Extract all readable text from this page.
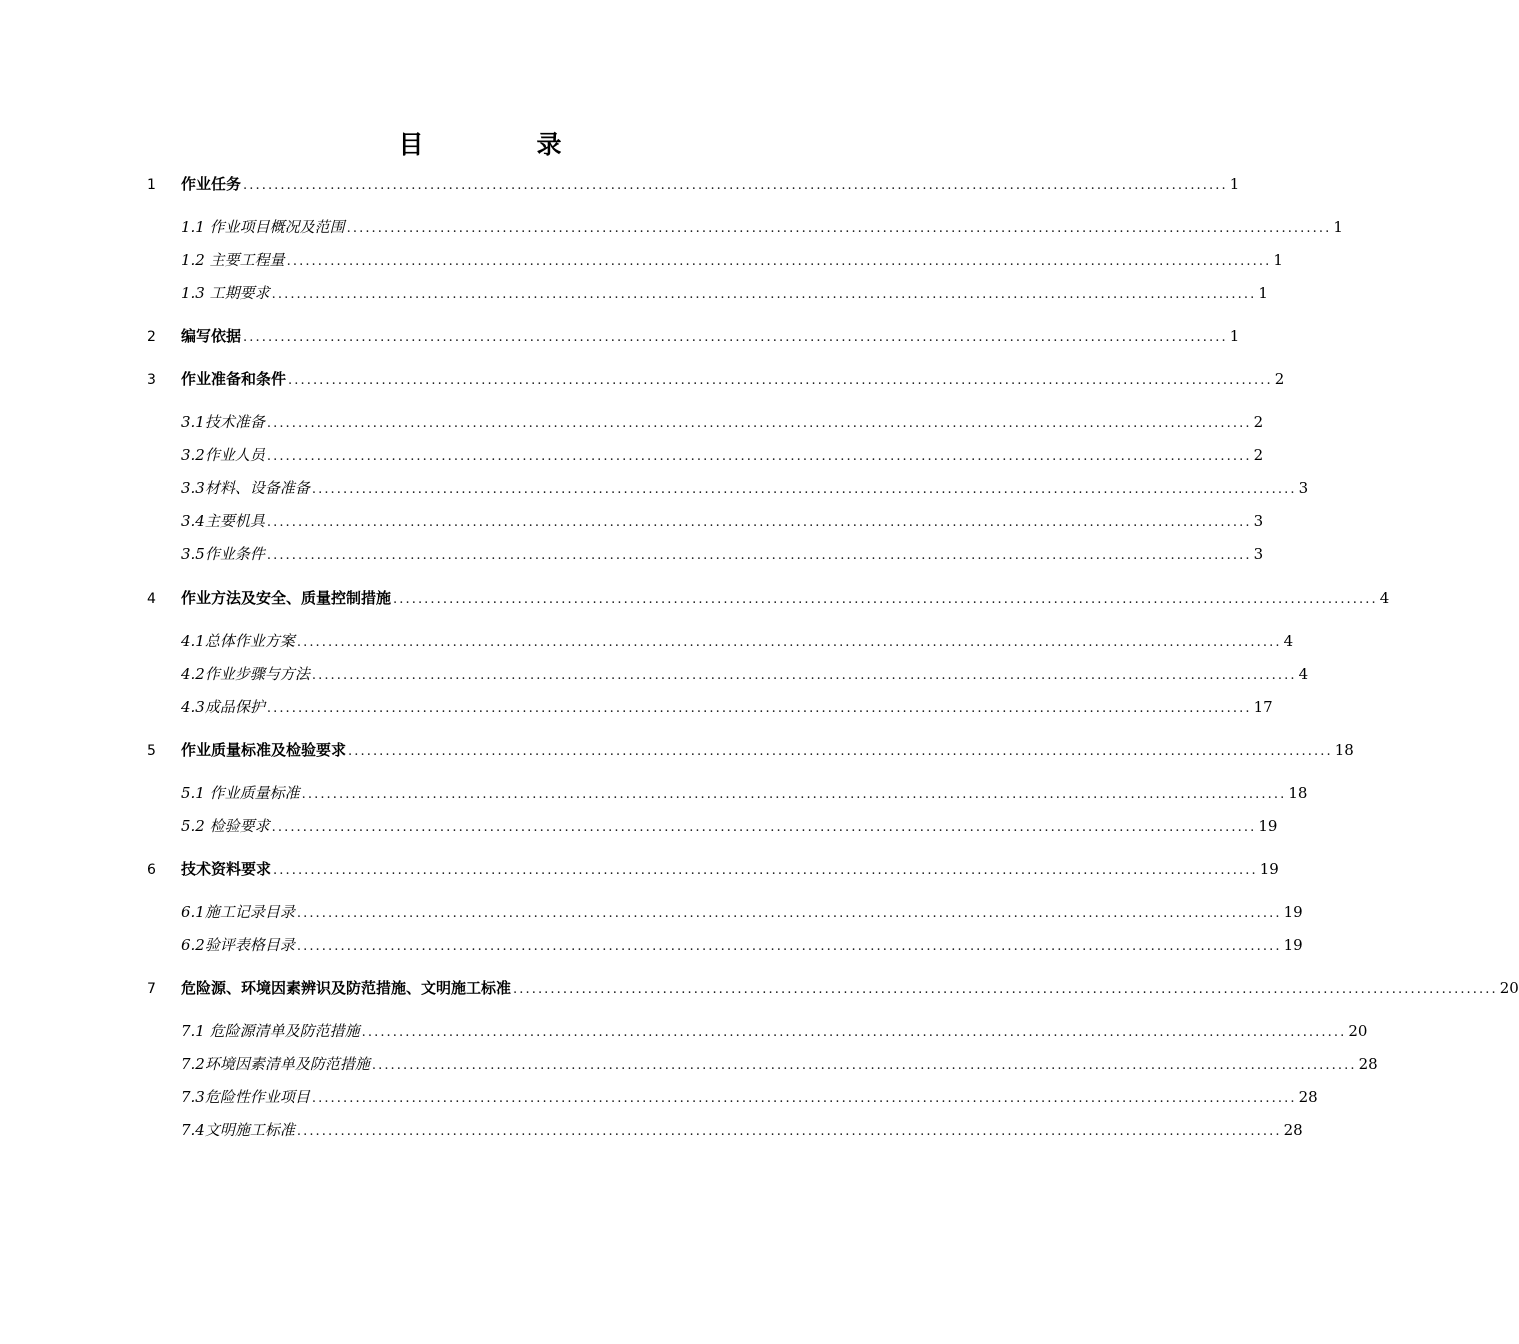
目　录
1	作业任务 .............................................................................................................................................................. 1
1.1 作业项目概况及范围 .............................................................................................................................................................. 1
1.2 主要工程量 .............................................................................................................................................................. 1
1.3 工期要求 .............................................................................................................................................................. 1
2	编写依据 .............................................................................................................................................................. 1
3	作业准备和条件 .............................................................................................................................................................. 2
3.1技术准备 .............................................................................................................................................................. 2
3.2作业人员 .............................................................................................................................................................. 2
3.3材料、设备准备 .............................................................................................................................................................. 3
3.4主要机具 .............................................................................................................................................................. 3
3.5作业条件 .............................................................................................................................................................. 3
4	作业方法及安全、质量控制措施 .............................................................................................................................................................. 4
4.1总体作业方案 .............................................................................................................................................................. 4
4.2作业步骤与方法 .............................................................................................................................................................. 4
4.3成品保护 .............................................................................................................................................................. 17
5	作业质量标准及检验要求 .............................................................................................................................................................. 18
5.1 作业质量标准 .............................................................................................................................................................. 18
5.2 检验要求 .............................................................................................................................................................. 19
6	技术资料要求 .............................................................................................................................................................. 19
6.1施工记录目录 .............................................................................................................................................................. 19
6.2验评表格目录 .............................................................................................................................................................. 19
7	危险源、环境因素辨识及防范措施、文明施工标准 .............................................................................................................................................................. 20
7.1 危险源清单及防范措施 .............................................................................................................................................................. 20
7.2环境因素清单及防范措施 .............................................................................................................................................................. 28
7.3危险性作业项目 .............................................................................................................................................................. 28
7.4文明施工标准 .............................................................................................................................................................. 28
